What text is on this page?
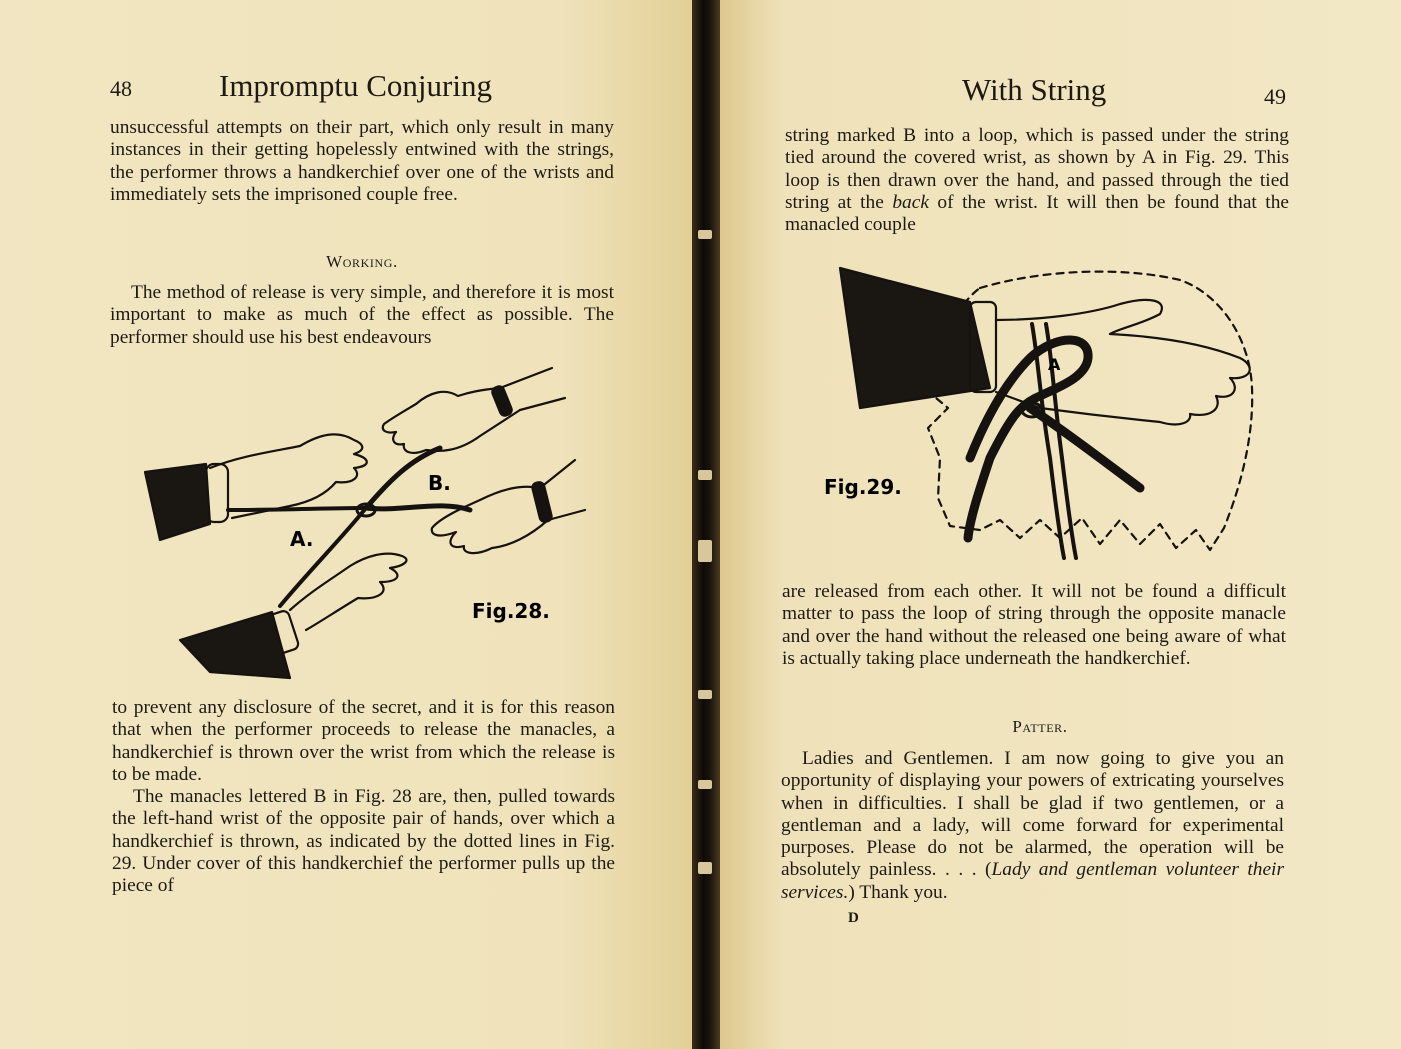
48	Impromptu Conjuring

unsuccessful attempts on their part, which only result in many instances in their getting hopelessly entwined with the strings, the performer throws a handkerchief over one of the wrists and immediately sets the imprisoned couple free.

Working.

The method of release is very simple, and therefore it is most important to make as much of the effect as possible. The performer should use his best endeavours

A.
B.
Fig.28.

to prevent any disclosure of the secret, and it is for this reason that when the performer proceeds to release the manacles, a handkerchief is thrown over the wrist from which the release is to be made.

The manacles lettered B in Fig. 28 are, then, pulled towards the left-hand wrist of the opposite pair of hands, over which a handkerchief is thrown, as indicated by the dotted lines in Fig. 29. Under cover of this handkerchief the performer pulls up the piece of

With String	49

string marked B into a loop, which is passed under the string tied around the covered wrist, as shown by A in Fig. 29. This loop is then drawn over the hand, and passed through the tied string at the back of the wrist. It will then be found that the manacled couple

A
Fig.29.

are released from each other. It will not be found a difficult matter to pass the loop of string through the opposite manacle and over the hand without the released one being aware of what is actually taking place underneath the handkerchief.

Patter.

Ladies and Gentlemen. I am now going to give you an opportunity of displaying your powers of extricating yourselves when in difficulties. I shall be glad if two gentlemen, or a gentleman and a lady, will come forward for experimental purposes. Please do not be alarmed, the operation will be absolutely painless. . . . (Lady and gentleman volunteer their services.) Thank you.

D
